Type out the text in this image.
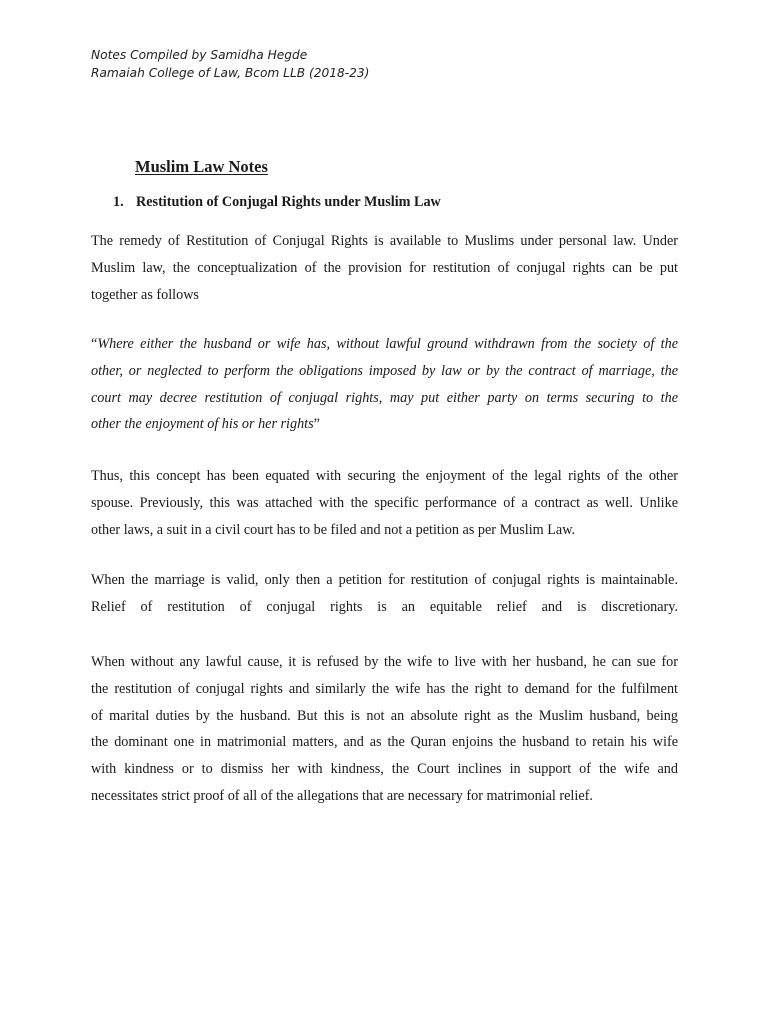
Notes Compiled by Samidha Hegde
Ramaiah College of Law, Bcom LLB (2018-23)
Muslim Law Notes
1. Restitution of Conjugal Rights under Muslim Law

The remedy of Restitution of Conjugal Rights is available to Muslims under personal law. Under
Muslim law, the conceptualization of the provision for restitution of conjugal rights can be put
together as follows

“Where either the husband or wife has, without lawful ground withdrawn from the society of the
other, or neglected to perform the obligations imposed by law or by the contract of marriage, the
court may decree restitution of conjugal rights, may put either party on terms securing to the
other the enjoyment of his or her rights”

Thus, this concept has been equated with securing the enjoyment of the legal rights of the other
spouse. Previously, this was attached with the specific performance of a contract as well. Unlike
other laws, a suit in a civil court has to be filed and not a petition as per Muslim Law.

When the marriage is valid, only then a petition for restitution of conjugal rights is maintainable.
Relief of restitution of conjugal rights is an equitable relief and is discretionary.

When without any lawful cause, it is refused by the wife to live with her husband, he can sue for
the restitution of conjugal rights and similarly the wife has the right to demand for the fulfilment
of marital duties by the husband. But this is not an absolute right as the Muslim husband, being
the dominant one in matrimonial matters, and as the Quran enjoins the husband to retain his wife
with kindness or to dismiss her with kindness, the Court inclines in support of the wife and
necessitates strict proof of all of the allegations that are necessary for matrimonial relief.
